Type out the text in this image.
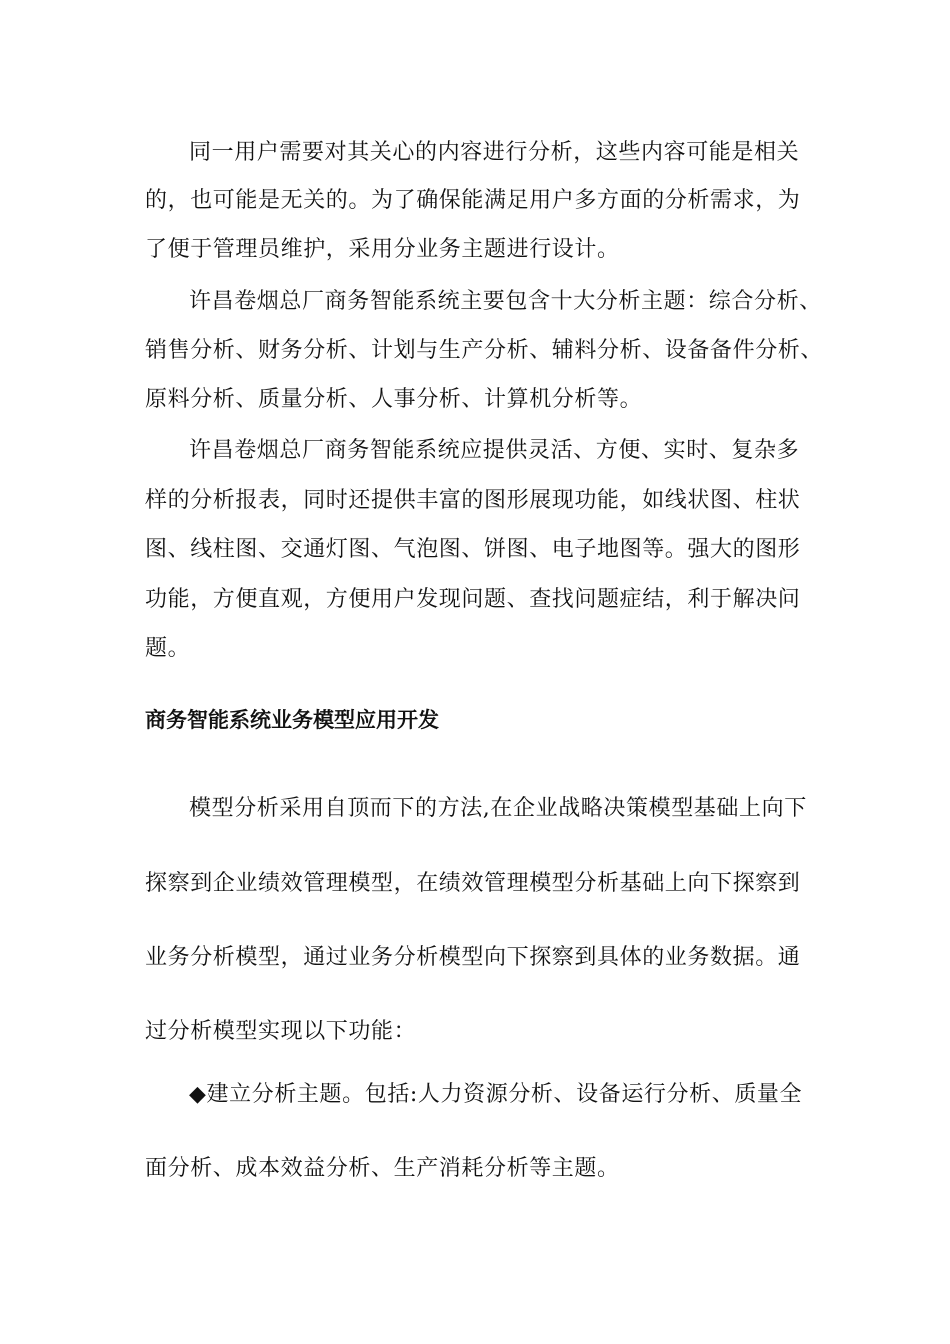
同一用户需要对其关心的内容进行分析，这些内容可能是相关
的，也可能是无关的。为了确保能满足用户多方面的分析需求，为
了便于管理员维护，采用分业务主题进行设计。
许昌卷烟总厂商务智能系统主要包含十大分析主题：综合分析、
销售分析、财务分析、计划与生产分析、辅料分析、设备备件分析、
原料分析、质量分析、人事分析、计算机分析等。
许昌卷烟总厂商务智能系统应提供灵活、方便、实时、复杂多
样的分析报表，同时还提供丰富的图形展现功能，如线状图、柱状
图、线柱图、交通灯图、气泡图、饼图、电子地图等。强大的图形
功能，方便直观，方便用户发现问题、查找问题症结，利于解决问
题。
商务智能系统业务模型应用开发
模型分析采用自顶而下的方法,在企业战略决策模型基础上向下
探察到企业绩效管理模型，在绩效管理模型分析基础上向下探察到
业务分析模型，通过业务分析模型向下探察到具体的业务数据。通
过分析模型实现以下功能：
◆建立分析主题。包括:人力资源分析、设备运行分析、质量全
面分析、成本效益分析、生产消耗分析等主题。
